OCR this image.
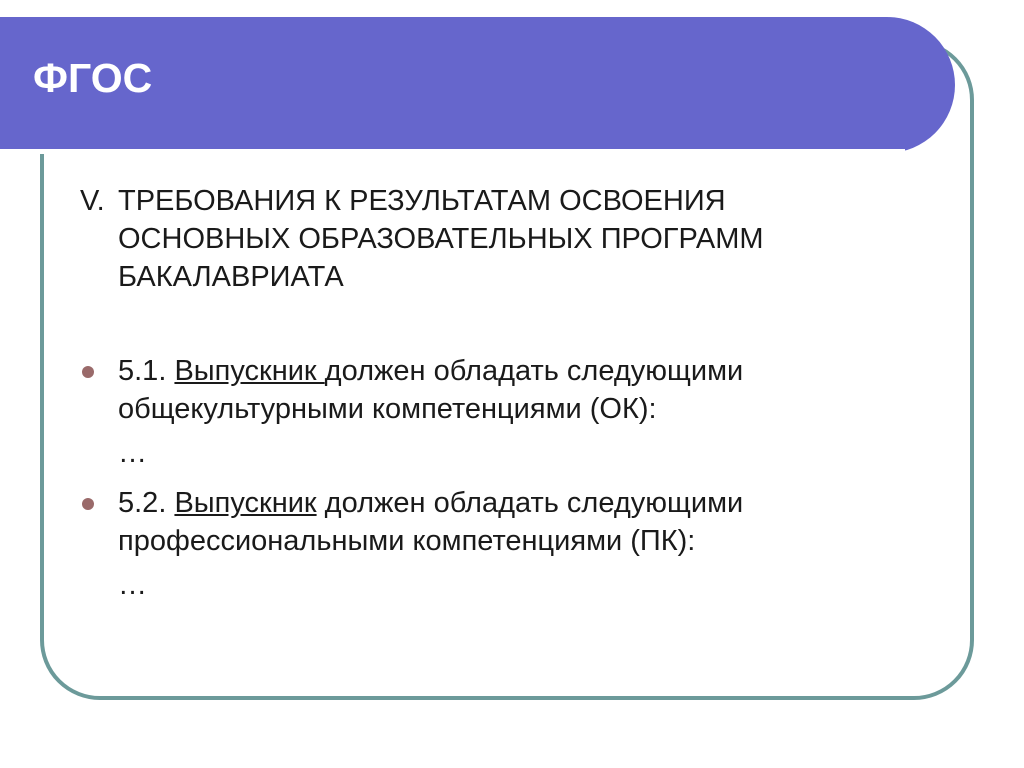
ФГОС

V. ТРЕБОВАНИЯ К РЕЗУЛЬТАТАМ ОСВОЕНИЯ ОСНОВНЫХ ОБРАЗОВАТЕЛЬНЫХ ПРОГРАММ БАКАЛАВРИАТА

5.1. Выпускник должен обладать следующими общекультурными компетенциями (ОК):
…
5.2. Выпускник должен обладать следующими профессиональными компетенциями (ПК):
…
